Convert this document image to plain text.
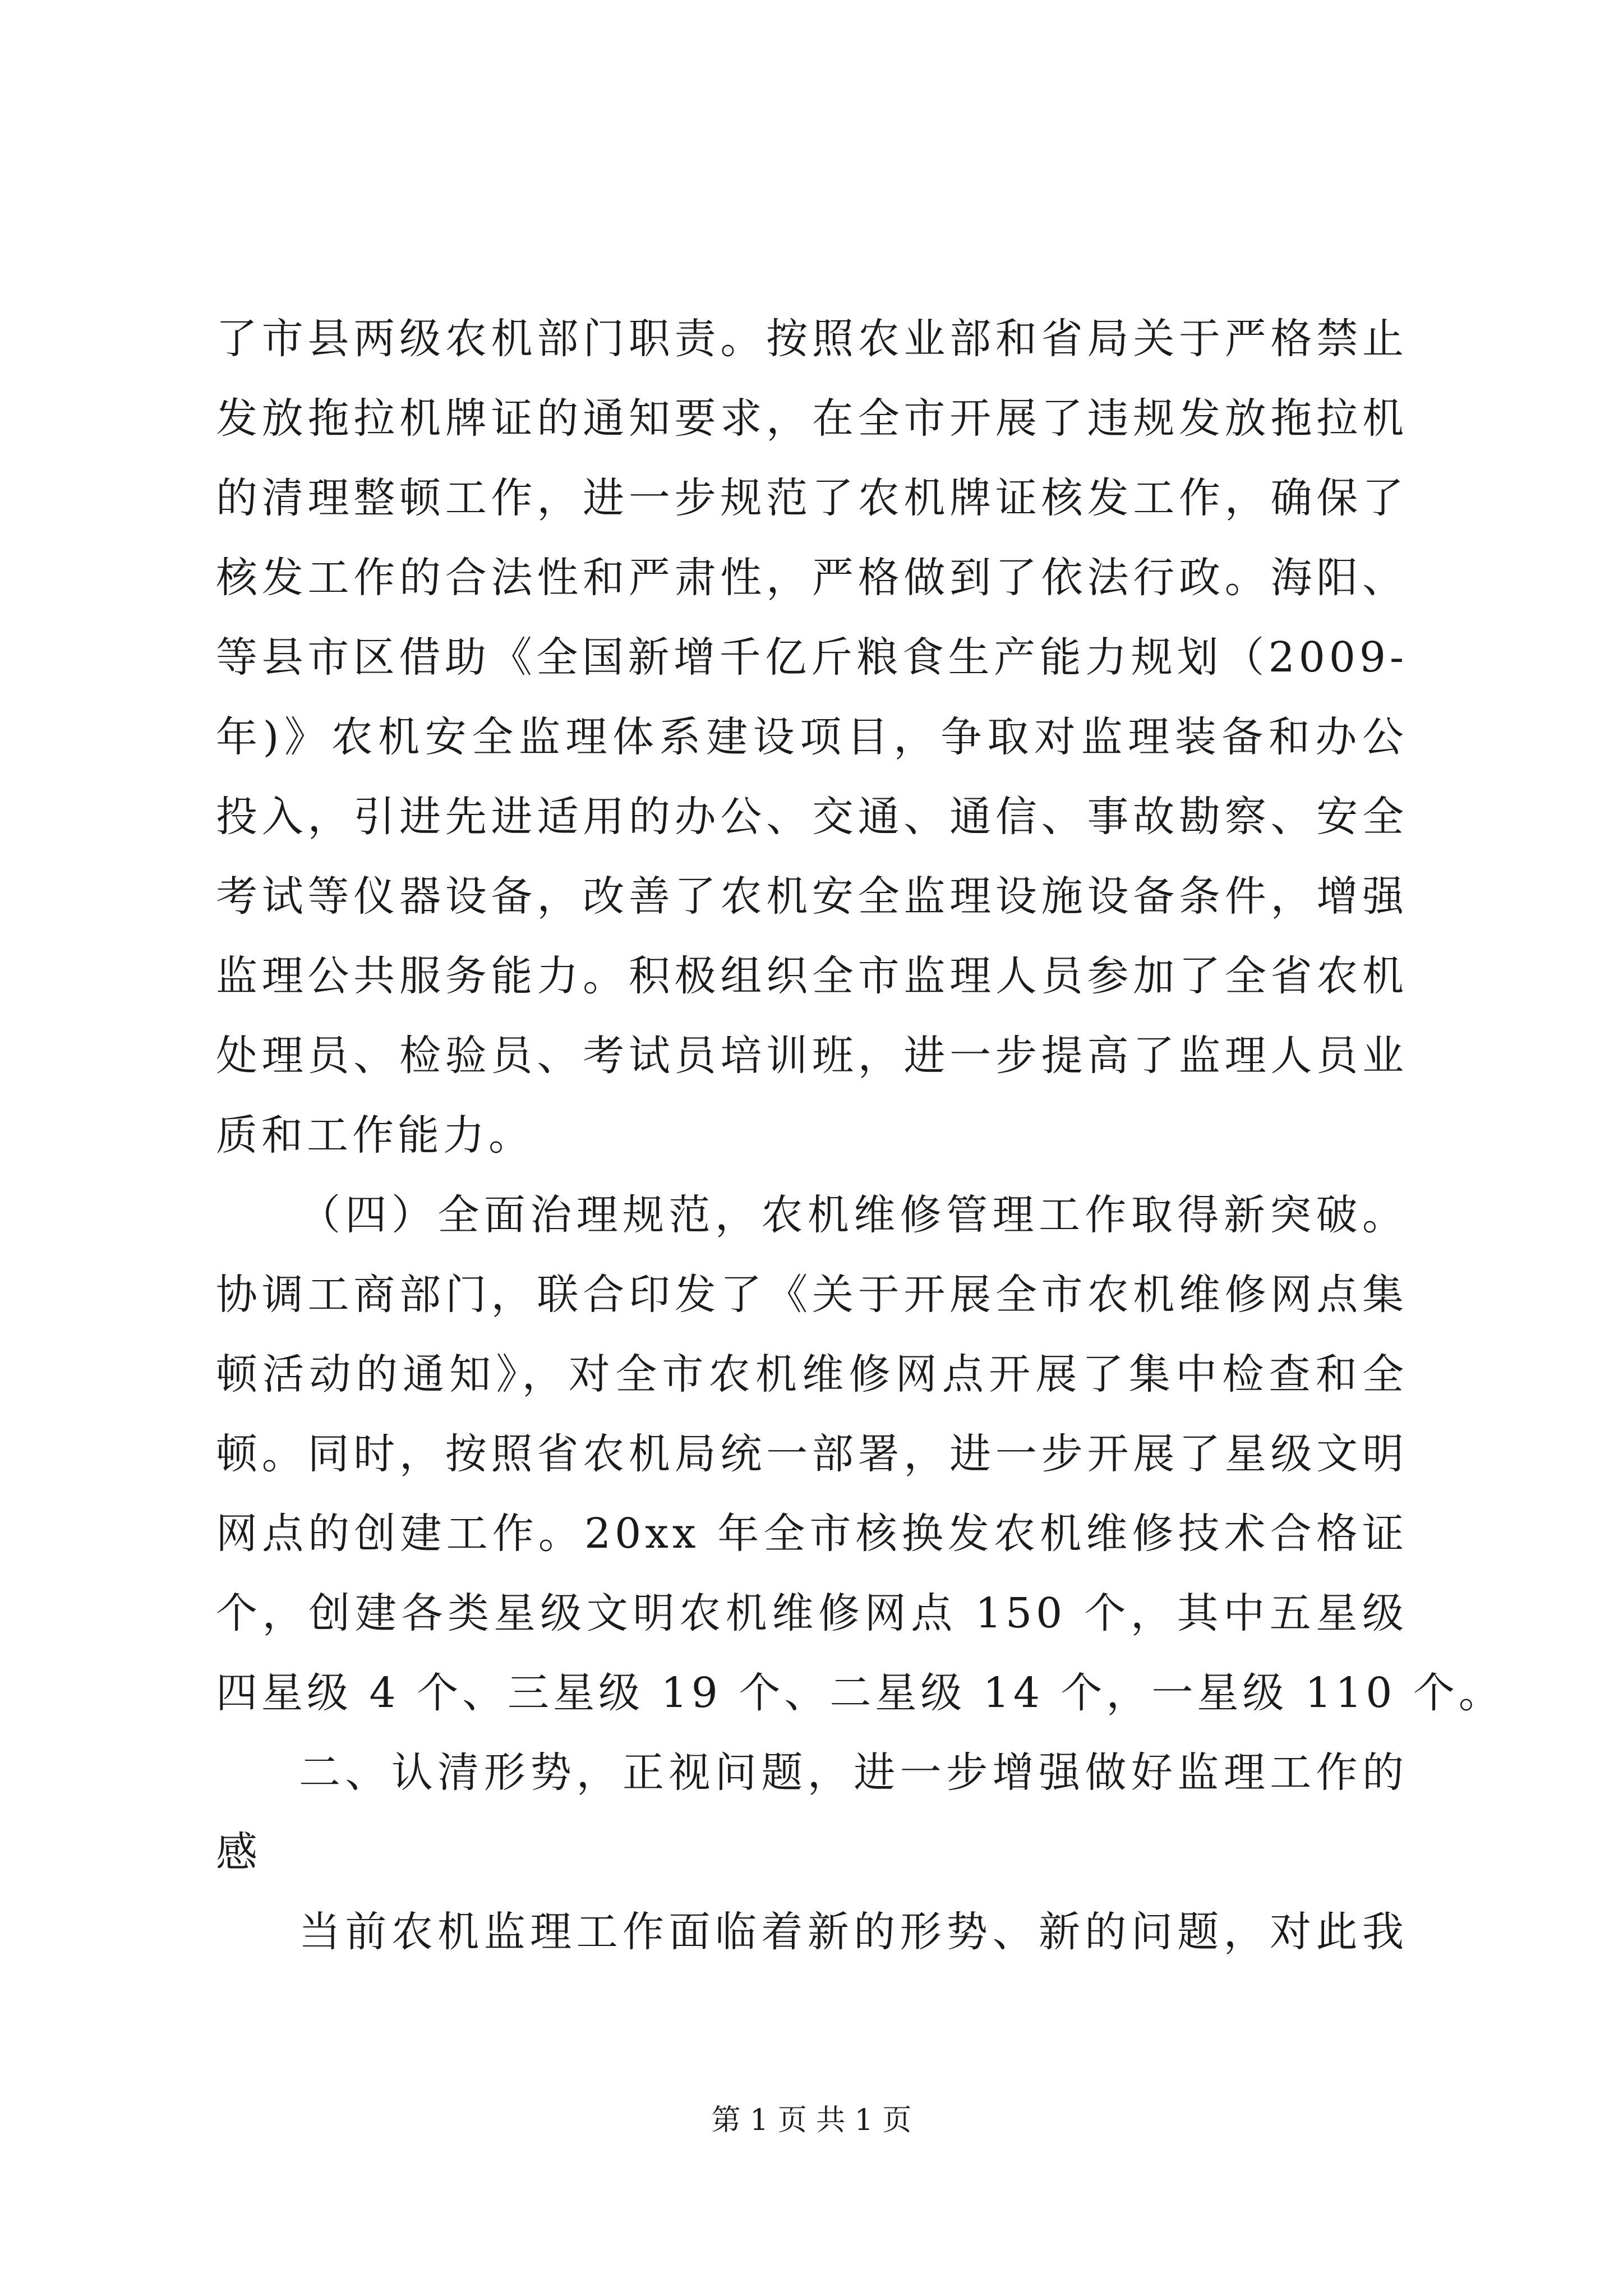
了市县两级农机部门职责。按照农业部和省局关于严格禁止
发放拖拉机牌证的通知要求，在全市开展了违规发放拖拉机
的清理整顿工作，进一步规范了农机牌证核发工作，确保了
核发工作的合法性和严肃性，严格做到了依法行政。海阳、
等县市区借助《全国新增千亿斤粮食生产能力规划（2009-
年)》农机安全监理体系建设项目，争取对监理装备和办公
投入，引进先进适用的办公、交通、通信、事故勘察、安全
考试等仪器设备，改善了农机安全监理设施设备条件，增强
监理公共服务能力。积极组织全市监理人员参加了全省农机
处理员、检验员、考试员培训班，进一步提高了监理人员业
质和工作能力。
（四）全面治理规范，农机维修管理工作取得新突破。
协调工商部门，联合印发了《关于开展全市农机维修网点集
顿活动的通知》，对全市农机维修网点开展了集中检查和全
顿。同时，按照省农机局统一部署，进一步开展了星级文明
网点的创建工作。20xx 年全市核换发农机维修技术合格证
个，创建各类星级文明农机维修网点 150 个，其中五星级
四星级 4 个、三星级 19 个、二星级 14 个，一星级 110 个。
二、认清形势，正视问题，进一步增强做好监理工作的
感
当前农机监理工作面临着新的形势、新的问题，对此我
第 1 页 共 1 页
